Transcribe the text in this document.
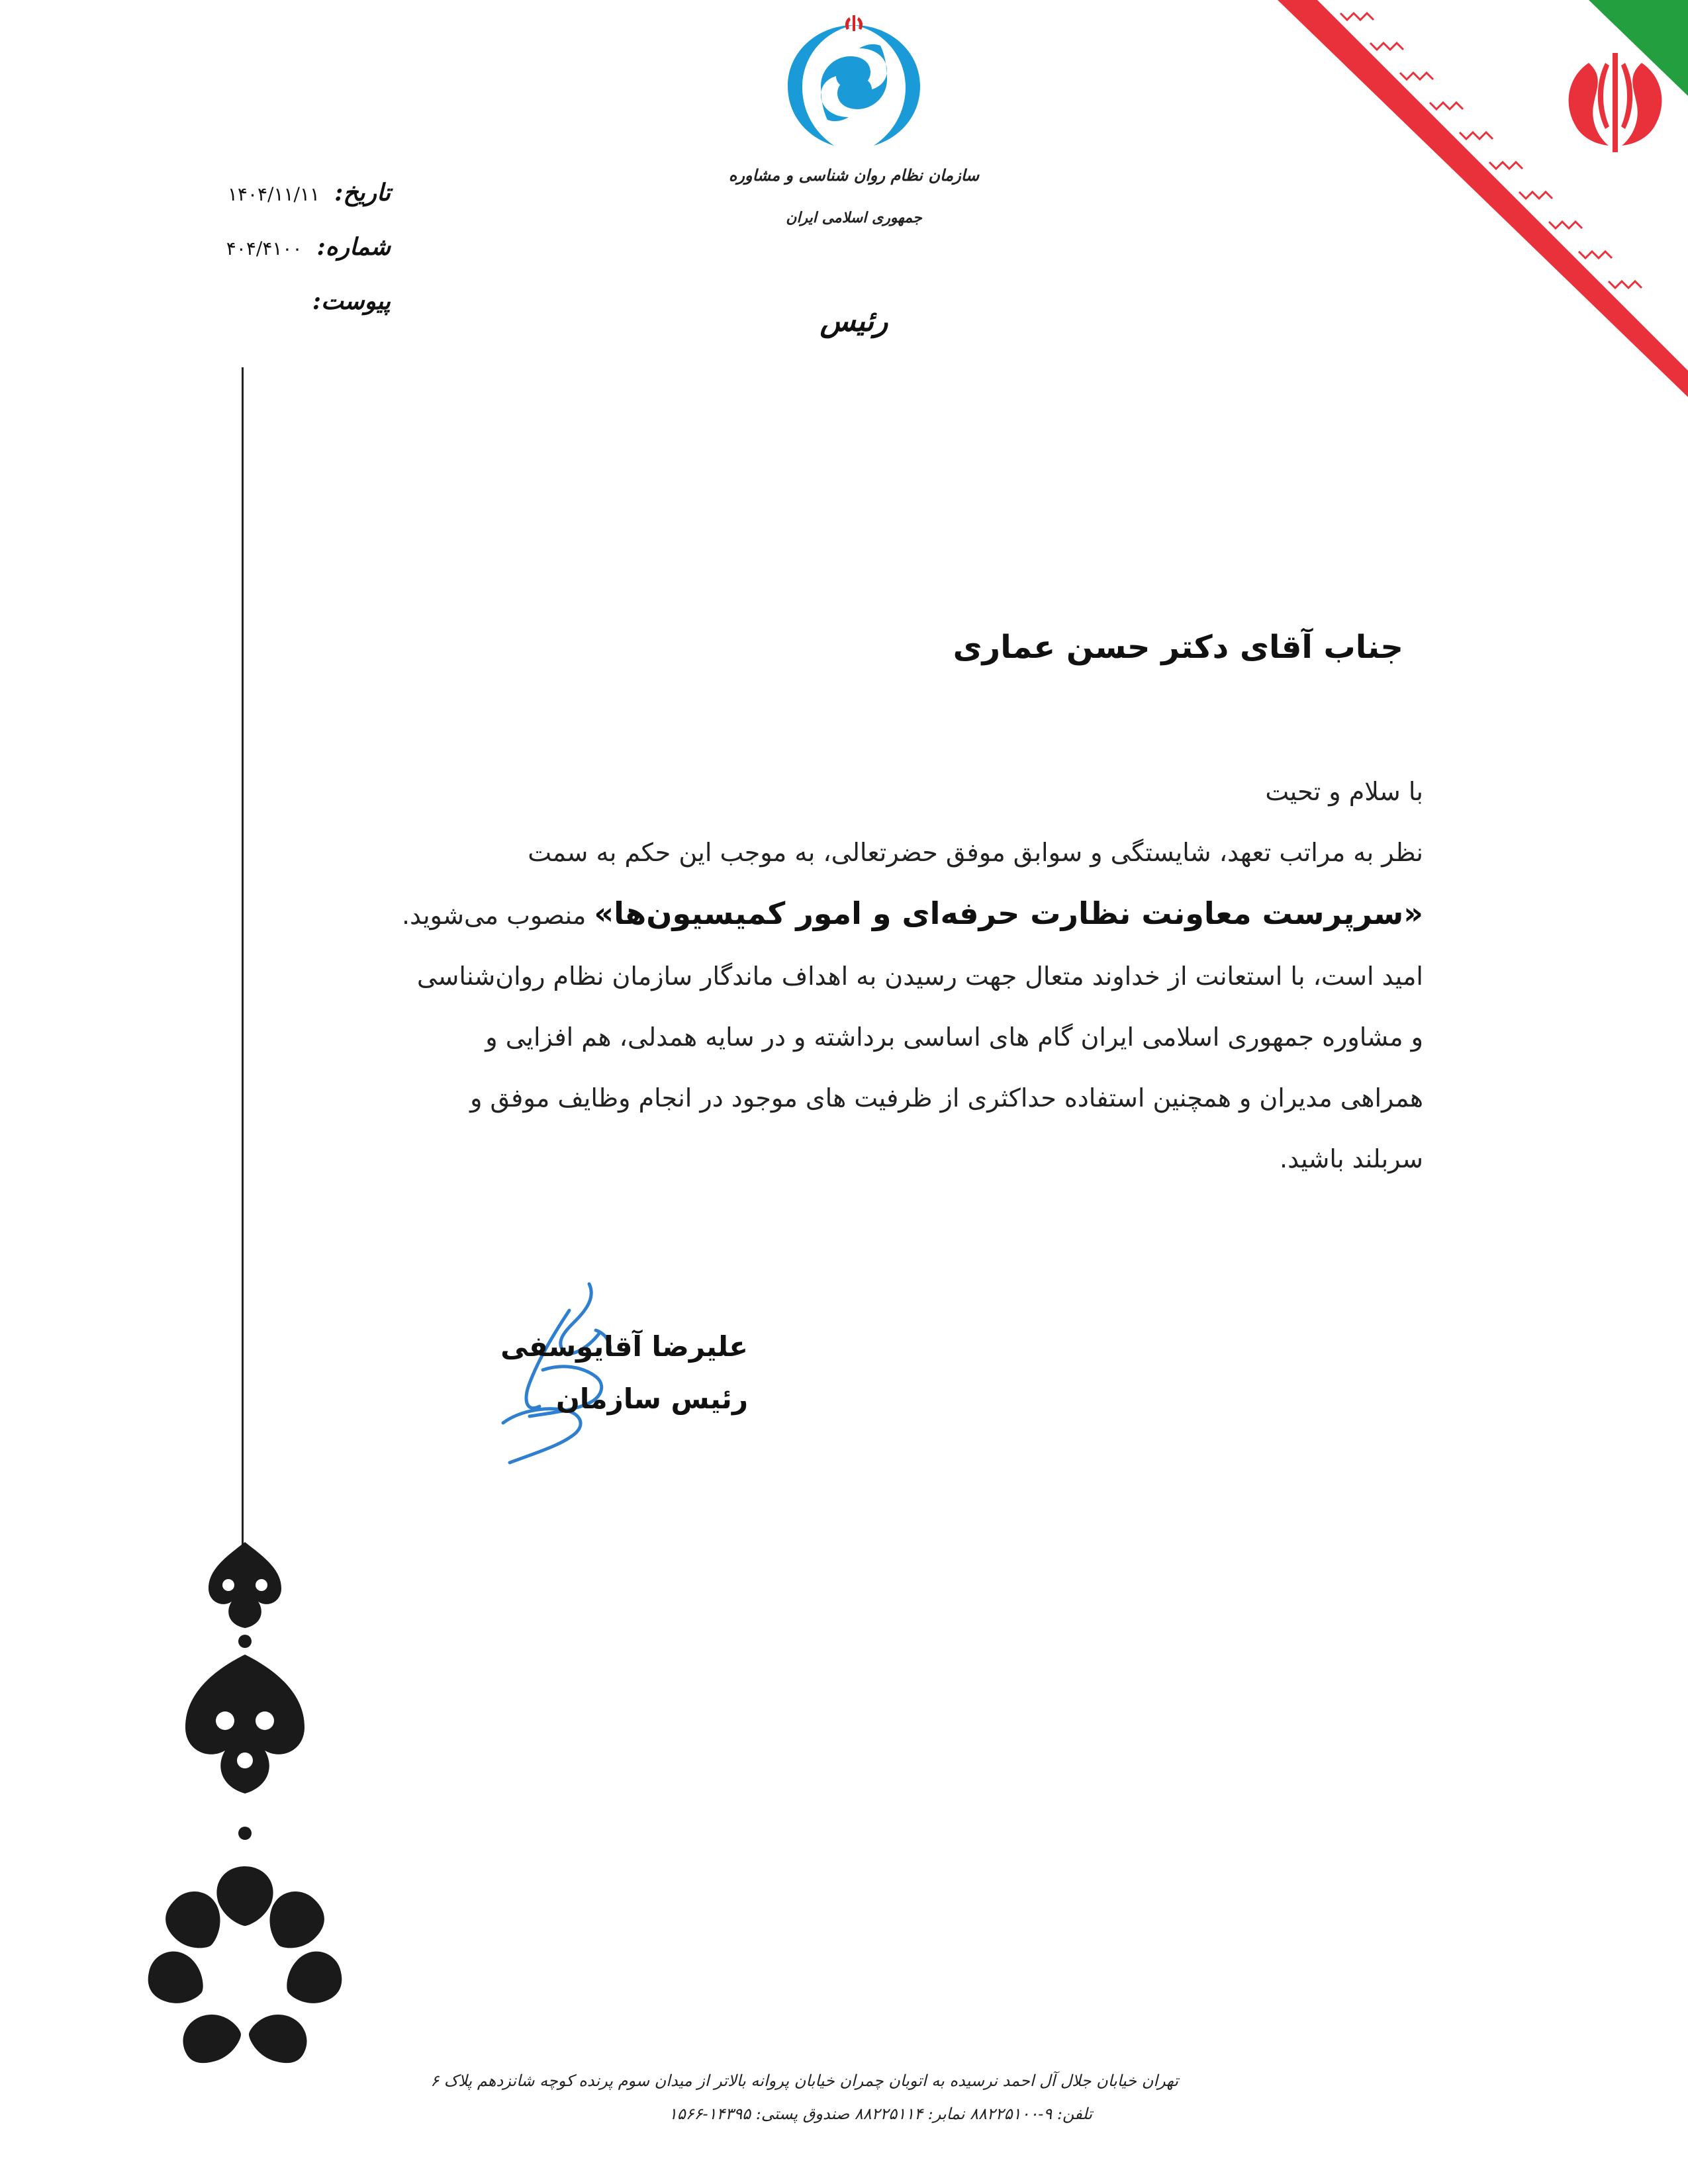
سازمان نظام روان شناسی و مشاوره
جمهوری اسلامی ایران
رئیس
تاریخ:
۱۴۰۴/۱۱/۱۱
شماره:
۴۰۴/۴۱۰۰
پیوست:
جناب آقای دکتر حسن عماری

با سلام و تحیت

نظر به مراتب تعهد، شایستگی و سوابق موفق حضرتعالی، به موجب این حکم به سمت

«سرپرست معاونت نظارت حرفه‌ای و امور کمیسیون‌ها» منصوب می‌شوید.

امید است، با استعانت از خداوند متعال جهت رسیدن به اهداف ماندگار سازمان نظام روان‌شناسی

و مشاوره جمهوری اسلامی ایران گام های اساسی برداشته و در سایه همدلی، هم افزایی و

همراهی مدیران و همچنین استفاده حداکثری از ظرفیت های موجود در انجام وظایف موفق و

سربلند باشید.

علیرضا آقایوسفی
رئیس سازمان
تهران خیابان جلال آل احمد نرسیده به اتوبان چمران خیابان پروانه بالاتر از میدان سوم پرنده کوچه شانزدهم پلاک ۶
تلفن: ۹-۸۸۲۲۵۱۰۰ نمابر: ۸۸۲۲۵۱۱۴ صندوق پستی: ۱۴۳۹۵-۱۵۶۶
